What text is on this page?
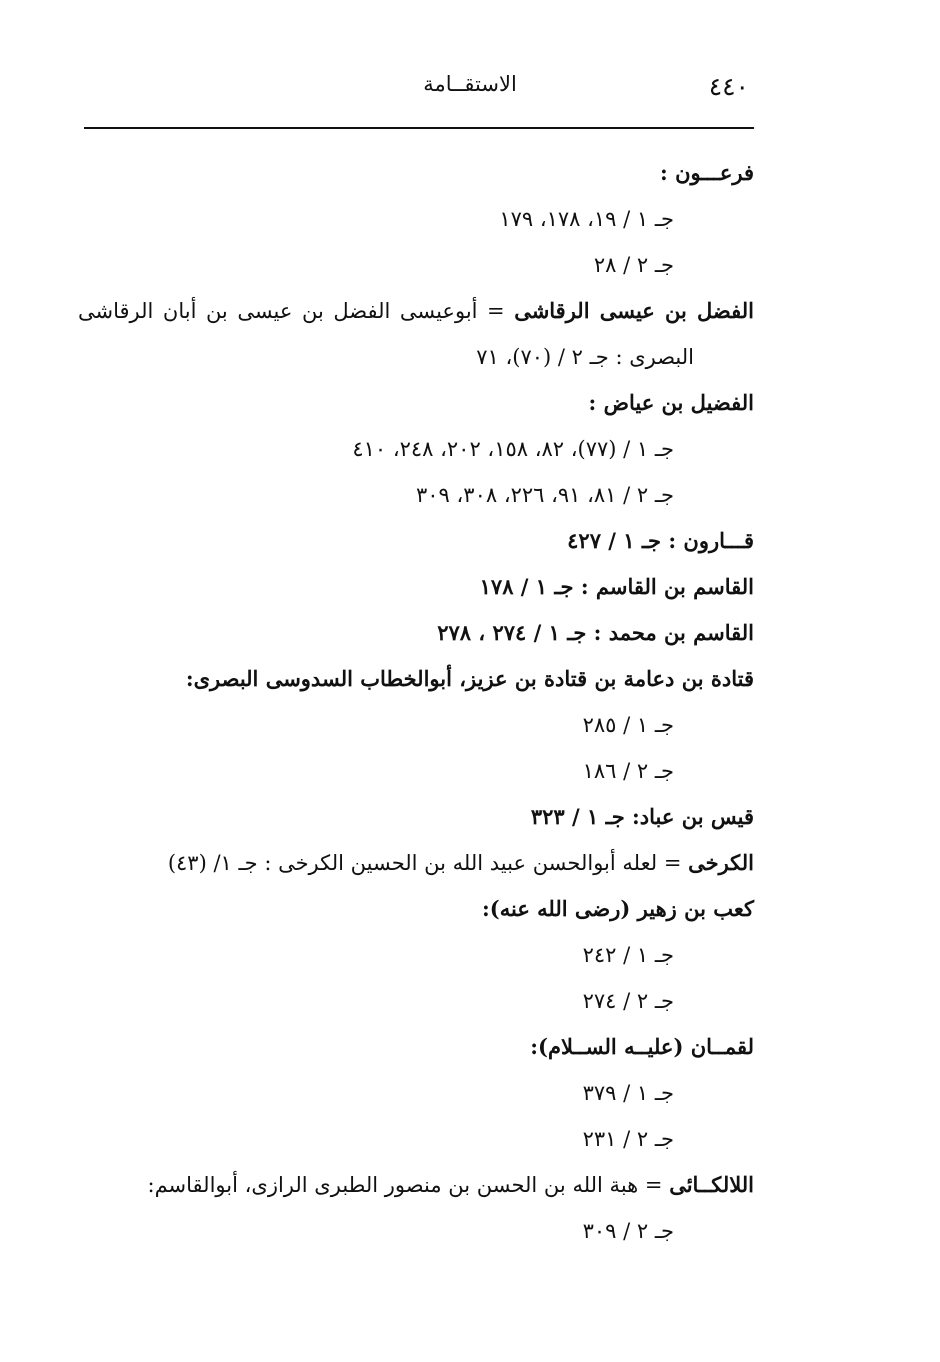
٤٤٠
الاستقــامة
فرعـــون :
جـ ١ / ١٩، ١٧٨، ١٧٩
جـ ٢ / ٢٨
الفضل بن عيسى الرقاشى = أبوعيسى الفضل بن عيسى بن أبان الرقاشى
البصرى : جـ ٢ / (٧٠)، ٧١
الفضيل بن عياض :
جـ ١ / (٧٧)، ٨٢، ١٥٨، ٢٠٢، ٢٤٨، ٤١٠
جـ ٢ / ٨١، ٩١، ٢٢٦، ٣٠٨، ٣٠٩
قـــارون : جـ ١ / ٤٢٧
القاسم بن القاسم : جـ ١ / ١٧٨
القاسم بن محمد : جـ ١ / ٢٧٤ ، ٢٧٨
قتادة بن دعامة بن قتادة بن عزيز، أبوالخطاب السدوسى البصرى:
جـ ١ / ٢٨٥
جـ ٢ / ١٨٦
قيس بن عباد: جـ ١ / ٣٢٣
الكرخى = لعله أبوالحسن عبيد الله بن الحسين الكرخى : جـ ١/ (٤٣)
كعب بن زهير (رضى الله عنه):
جـ ١ / ٢٤٢
جـ ٢ / ٢٧٤
لقمــان (عليــه الســلام):
جـ ١ / ٣٧٩
جـ ٢ / ٢٣١
اللالكــائى = هبة الله بن الحسن بن منصور الطبرى الرازى، أبوالقاسم:
جـ ٢ / ٣٠٩
